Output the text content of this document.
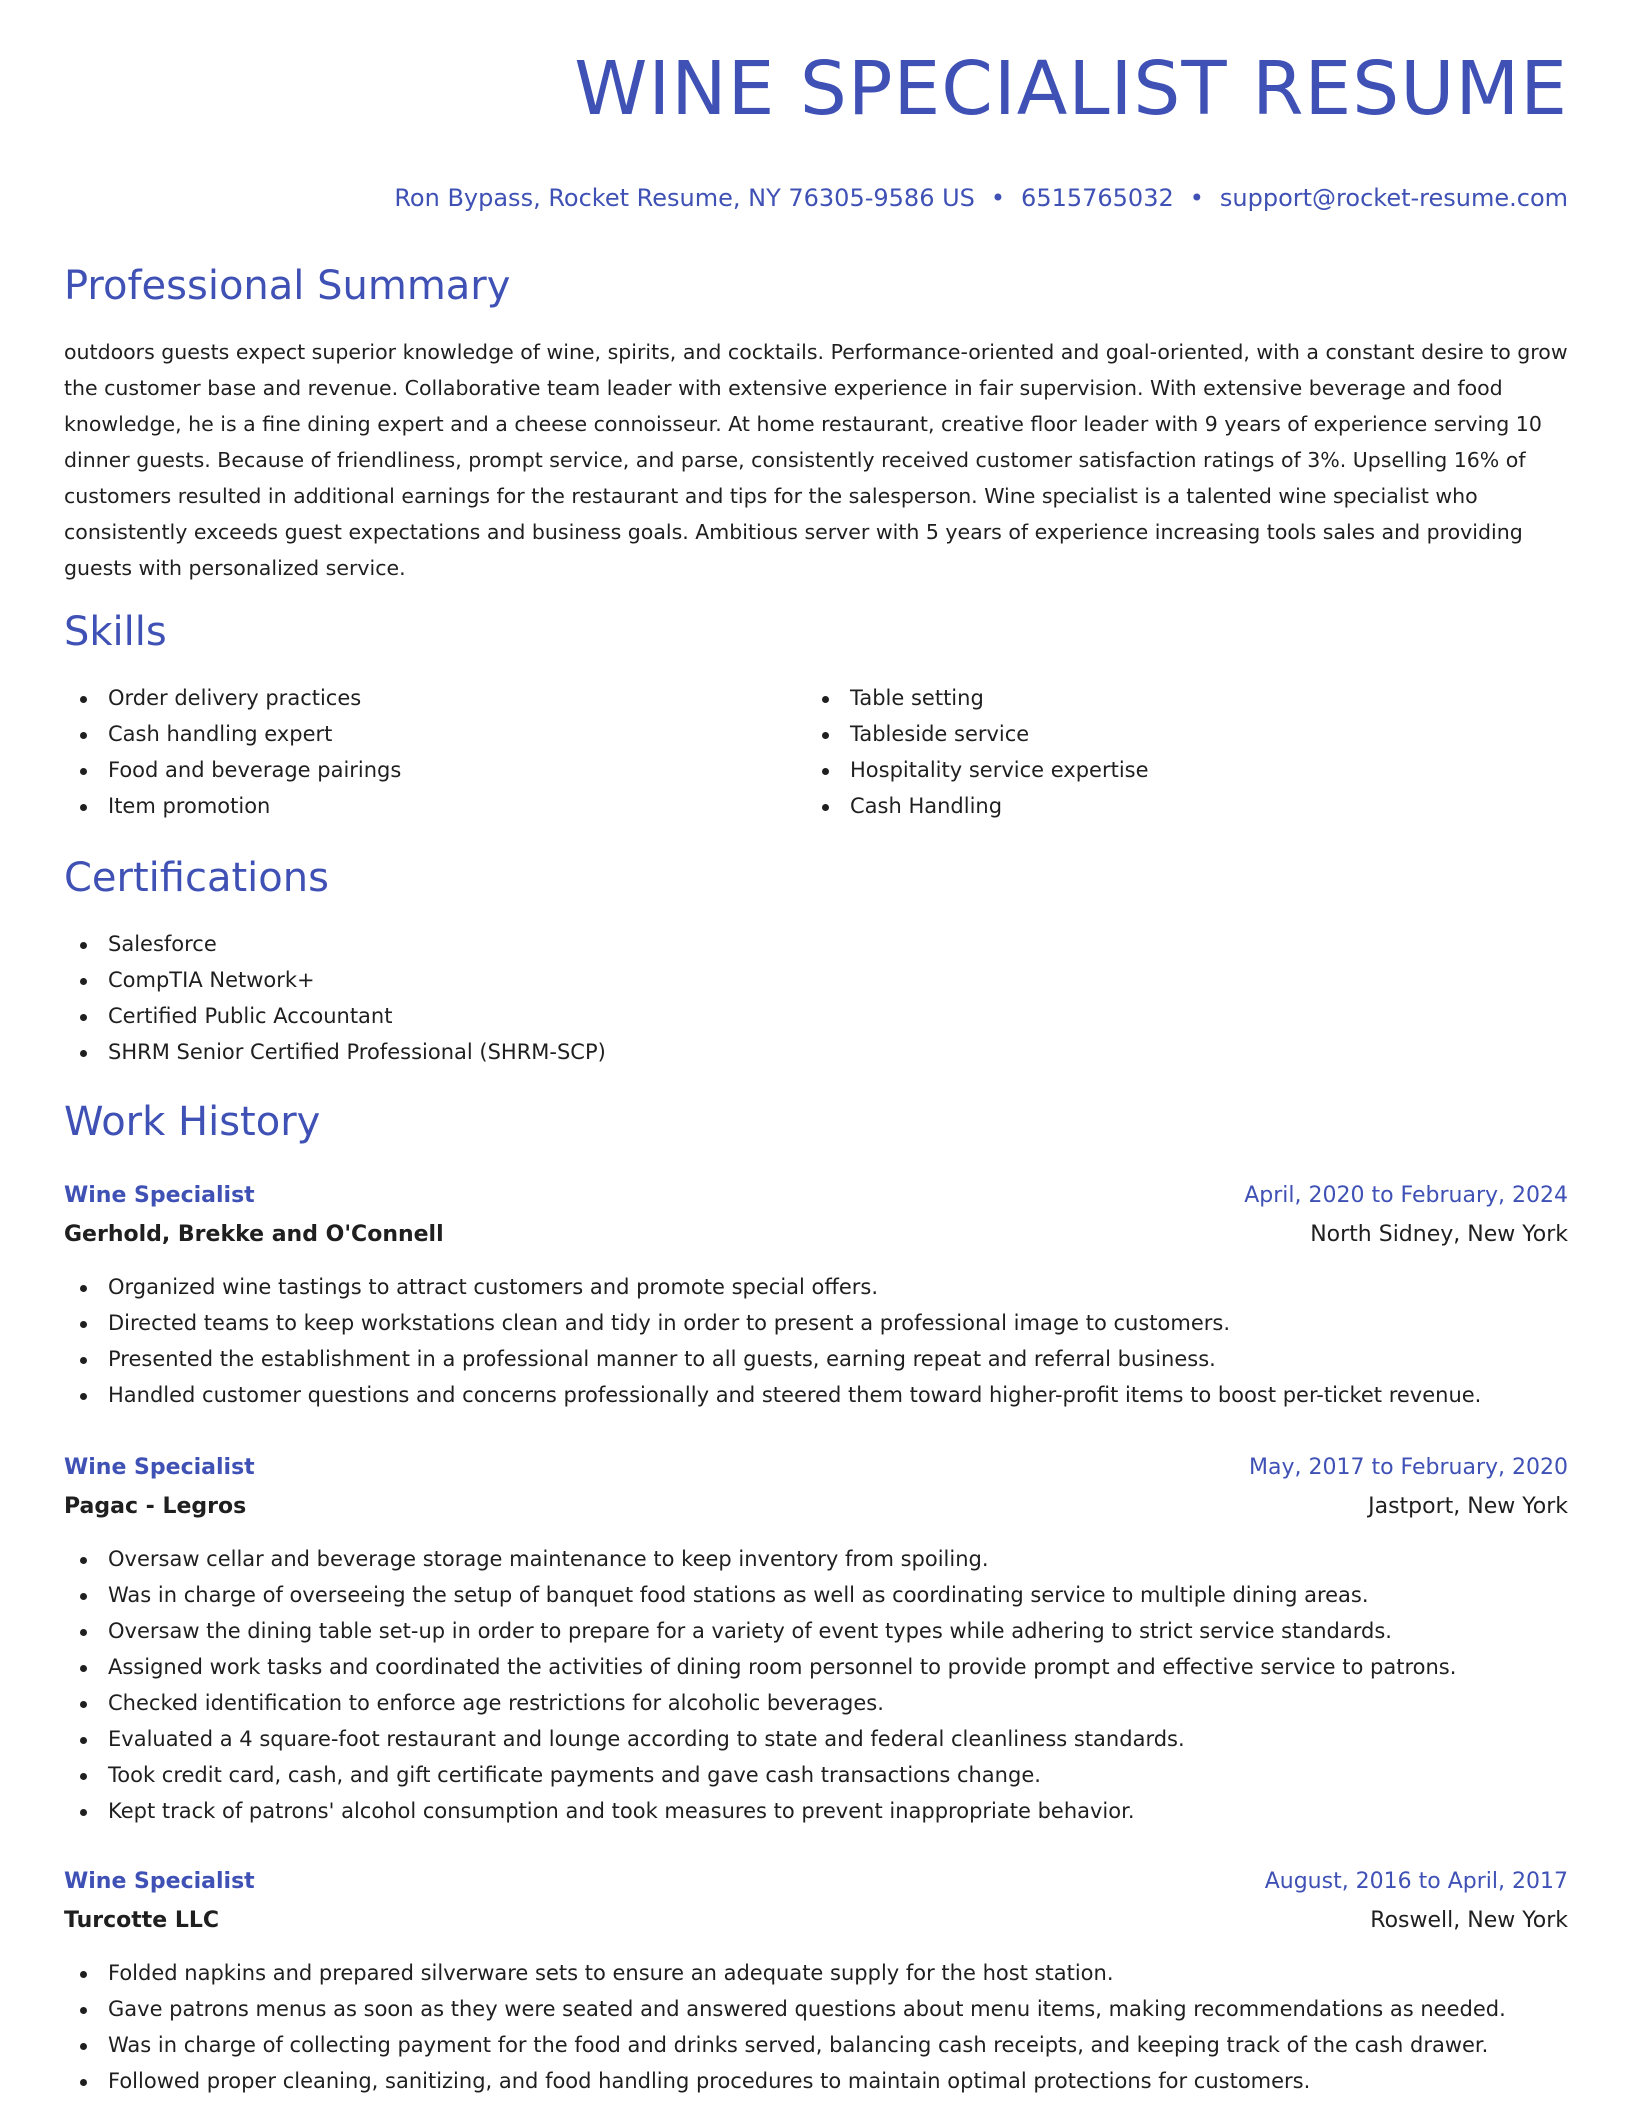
WINE SPECIALIST RESUME
Ron Bypass, Rocket Resume, NY 76305-9586 US • 6515765032 • support@rocket-resume.com
Professional Summary

outdoors guests expect superior knowledge of wine, spirits, and cocktails. Performance-oriented and goal-oriented, with a constant desire to grow the customer base and revenue. Collaborative team leader with extensive experience in fair supervision. With extensive beverage and food knowledge, he is a fine dining expert and a cheese connoisseur. At home restaurant, creative floor leader with 9 years of experience serving 10 dinner guests. Because of friendliness, prompt service, and parse, consistently received customer satisfaction ratings of 3%. Upselling 16% of customers resulted in additional earnings for the restaurant and tips for the salesperson. Wine specialist is a talented wine specialist who consistently exceeds guest expectations and business goals. Ambitious server with 5 years of experience increasing tools sales and providing guests with personalized service.

Skills
Order delivery practices
Cash handling expert
Food and beverage pairings
Item promotion
Table setting
Tableside service
Hospitality service expertise
Cash Handling
Certifications
Salesforce
CompTIA Network+
Certified Public Accountant
SHRM Senior Certified Professional (SHRM-SCP)
Work History
Wine Specialist	April, 2020 to February, 2024
Gerhold, Brekke and O'Connell	North Sidney, New York
Organized wine tastings to attract customers and promote special offers.
Directed teams to keep workstations clean and tidy in order to present a professional image to customers.
Presented the establishment in a professional manner to all guests, earning repeat and referral business.
Handled customer questions and concerns professionally and steered them toward higher-profit items to boost per-ticket revenue.
Wine Specialist	May, 2017 to February, 2020
Pagac - Legros	Jastport, New York
Oversaw cellar and beverage storage maintenance to keep inventory from spoiling.
Was in charge of overseeing the setup of banquet food stations as well as coordinating service to multiple dining areas.
Oversaw the dining table set-up in order to prepare for a variety of event types while adhering to strict service standards.
Assigned work tasks and coordinated the activities of dining room personnel to provide prompt and effective service to patrons.
Checked identification to enforce age restrictions for alcoholic beverages.
Evaluated a 4 square-foot restaurant and lounge according to state and federal cleanliness standards.
Took credit card, cash, and gift certificate payments and gave cash transactions change.
Kept track of patrons' alcohol consumption and took measures to prevent inappropriate behavior.
Wine Specialist	August, 2016 to April, 2017
Turcotte LLC	Roswell, New York
Folded napkins and prepared silverware sets to ensure an adequate supply for the host station.
Gave patrons menus as soon as they were seated and answered questions about menu items, making recommendations as needed.
Was in charge of collecting payment for the food and drinks served, balancing cash receipts, and keeping track of the cash drawer.
Followed proper cleaning, sanitizing, and food handling procedures to maintain optimal protections for customers.
